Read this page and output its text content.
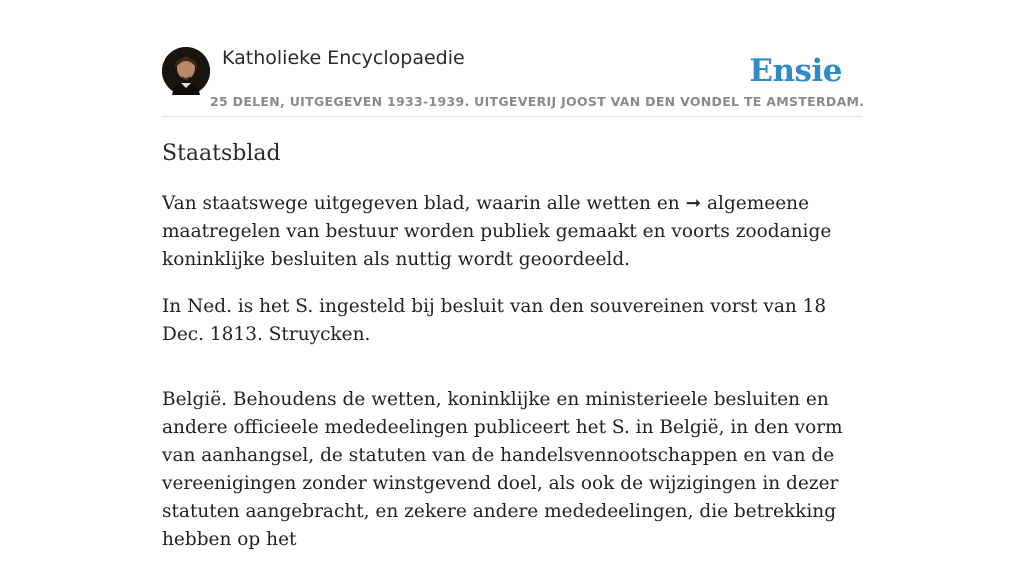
Katholieke Encyclopaedie	Ensie
25 DELEN, UITGEGEVEN 1933-1939. UITGEVERIJ JOOST VAN DEN VONDEL TE AMSTERDAM.
Staatsblad

Van staatswege uitgegeven blad, waarin alle wetten en ➞ algemeene maatregelen van bestuur worden publiek gemaakt en voorts zoodanige koninklijke besluiten als nuttig wordt geoordeeld.

In Ned. is het S. ingesteld bij besluit van den souvereinen vorst van 18 Dec. 1813. Struycken.

België. Behoudens de wetten, koninklijke en ministerieele besluiten en andere officieele mededeelingen publiceert het S. in België, in den vorm van aanhangsel, de statuten van de handelsvennootschappen en van de vereenigingen zonder winstgevend doel, als ook de wijzigingen in dezer statuten aangebracht, en zekere andere mededeelingen, die betrekking hebben op het
